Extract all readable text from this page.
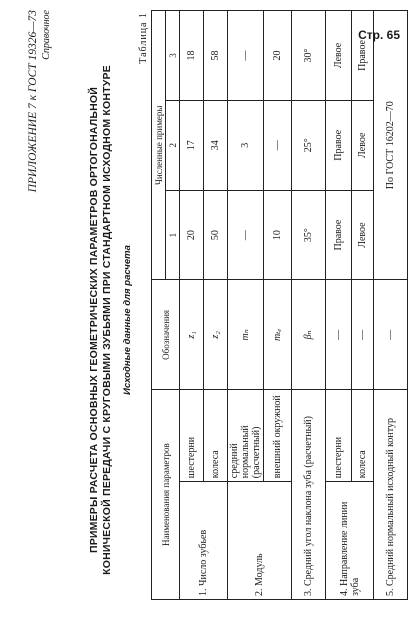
Стр. 65
ПРИЛОЖЕНИЕ 7 к ГОСТ 19326—73 Справочное
ПРИМЕРЫ РАСЧЕТА ОСНОВНЫХ ГЕОМЕТРИЧЕСКИХ ПАРАМЕТРОВ ОРТОГОНАЛЬНОЙ КОНИЧЕСКОЙ ПЕРЕДАЧИ С КРУГОВЫМИ ЗУБЬЯМИ ПРИ СТАНДАРТНОМ ИСХОДНОМ КОНТУРЕ Исходные данные для расчета
Таблица 1
Наименования параметров		Обозначения	Численные примеры		
			1	2	3
1. Число зубьев	шестерни	z₁	20	17	18
	колеса	z₂	50	34	58
2. Модуль	средний нормальный (расчетный)	mₙ	—	3	—
	внешний окружной	mₜₑ	10	—	20
3. Средний угол наклона зуба (расчетный)		βₙ	35°	25°	30°
4. Направление линии зуба	шестерни	—	Правое	Правое	Левое
	колеса	—	Левое	Левое	Правое
5. Средний нормальный исходный контур		—	По ГОСТ 16202—70		
